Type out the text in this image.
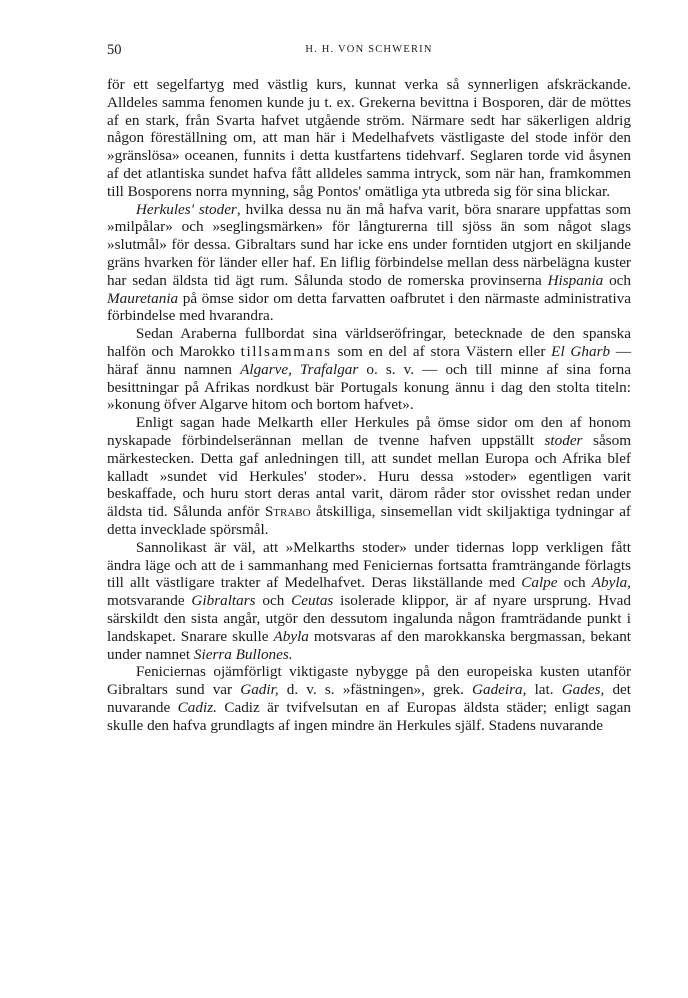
50	H. H. VON SCHWERIN

för ett segelfartyg med västlig kurs, kunnat verka så synnerligen afskräckande. Alldeles samma fenomen kunde ju t. ex. Grekerna bevittna i Bosporen, där de möttes af en stark, från Svarta hafvet utgående ström. Närmare sedt har säkerligen aldrig någon föreställning om, att man här i Medelhafvets västligaste del stode inför den »gränslösa» oceanen, funnits i detta kustfartens tidehvarf. Seglaren torde vid åsynen af det atlantiska sundet hafva fått alldeles samma intryck, som när han, framkommen till Bosporens norra mynning, såg Pontos' omätliga yta utbreda sig för sina blickar.

Herkules' stoder, hvilka dessa nu än må hafva varit, böra snarare uppfattas som »milpålar» och »seglingsmärken» för långturerna till sjöss än som något slags »slutmål» för dessa. Gibraltars sund har icke ens under forntiden utgjort en skiljande gräns hvarken för länder eller haf. En liflig förbindelse mellan dess närbelägna kuster har sedan äldsta tid ägt rum. Sålunda stodo de romerska provinserna Hispania och Mauretania på ömse sidor om detta farvatten oafbrutet i den närmaste administrativa förbindelse med hvarandra.

Sedan Araberna fullbordat sina världseröfringar, betecknade de den spanska halfön och Marokko tillsammans som en del af stora Västern eller El Gharb — häraf ännu namnen Algarve, Trafalgar o. s. v. — och till minne af sina forna besittningar på Afrikas nordkust bär Portugals konung ännu i dag den stolta titeln: »konung öfver Algarve hitom och bortom hafvet».

Enligt sagan hade Melkarth eller Herkules på ömse sidor om den af honom nyskapade förbindelserännan mellan de tvenne hafven uppställt stoder såsom märkestecken. Detta gaf anledningen till, att sundet mellan Europa och Afrika blef kalladt »sundet vid Herkules' stoder». Huru dessa »stoder» egentligen varit beskaffade, och huru stort deras antal varit, därom råder stor ovisshet redan under äldsta tid. Sålunda anför Strabo åtskilliga, sinsemellan vidt skiljaktiga tydningar af detta invecklade spörsmål.

Sannolikast är väl, att »Melkarths stoder» under tidernas lopp verkligen fått ändra läge och att de i sammanhang med Feniciernas fortsatta framträngande förlagts till allt västligare trakter af Medelhafvet. Deras likställande med Calpe och Abyla, motsvarande Gibraltars och Ceutas isolerade klippor, är af nyare ursprung. Hvad särskildt den sista angår, utgör den dessutom ingalunda någon framträdande punkt i landskapet. Snarare skulle Abyla motsvaras af den marokkanska bergmassan, bekant under namnet Sierra Bullones.

Feniciernas ojämförligt viktigaste nybygge på den europeiska kusten utanför Gibraltars sund var Gadir, d. v. s. »fästningen», grek. Gadeira, lat. Gades, det nuvarande Cadiz. Cadiz är tvifvelsutan en af Europas äldsta städer; enligt sagan skulle den hafva grundlagts af ingen mindre än Herkules själf. Stadens nuvarande
